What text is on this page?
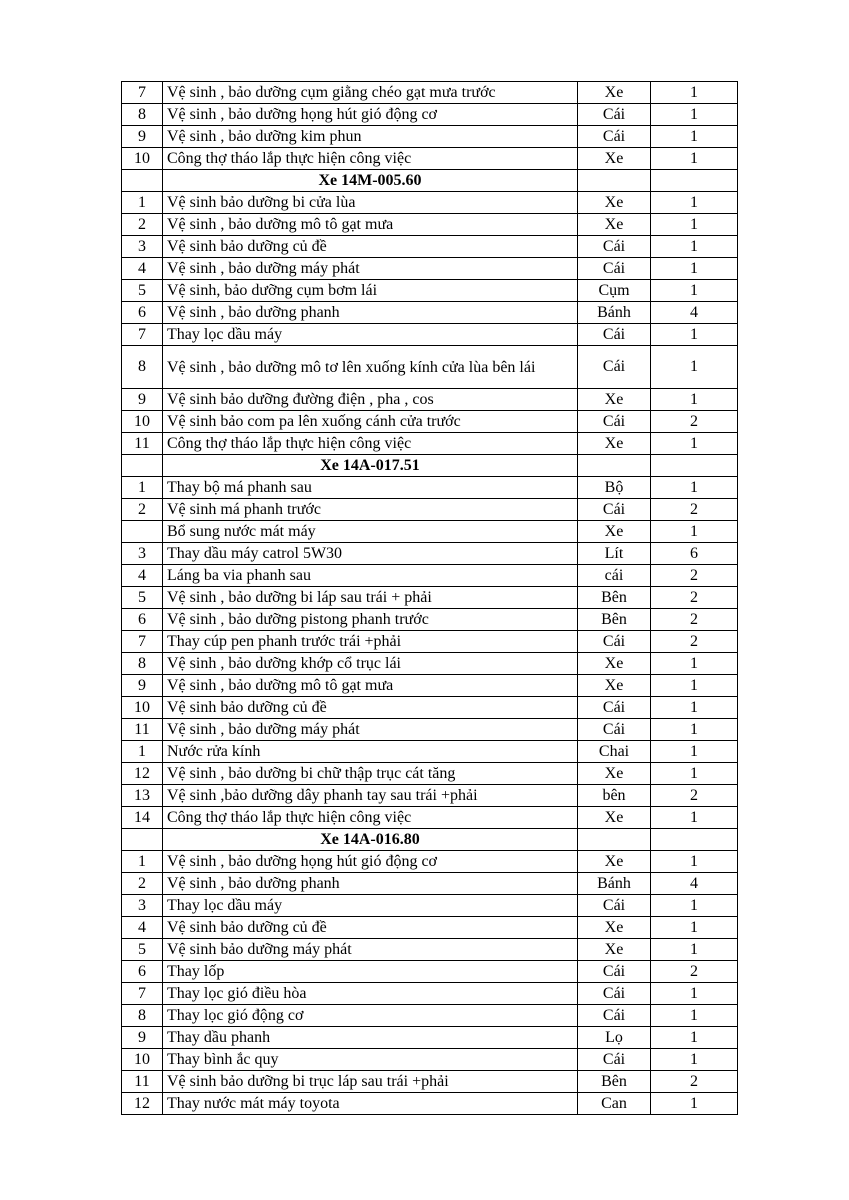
7	Vệ sinh , bảo dưỡng cụm giằng chéo gạt mưa trước	Xe	1
8	Vệ sinh , bảo dưỡng họng hút gió động cơ	Cái	1
9	Vệ sinh , bảo dưỡng kim phun	Cái	1
10	Công thợ tháo lắp thực hiện công việc	Xe	1
	Xe 14M-005.60		
1	Vệ sinh bảo dưỡng bi cửa lùa	Xe	1
2	Vệ sinh , bảo dưỡng mô tô gạt mưa	Xe	1
3	Vệ sinh bảo dưỡng củ đề	Cái	1
4	Vệ sinh , bảo dưỡng máy phát	Cái	1
5	Vệ sinh, bảo dưỡng cụm bơm lái	Cụm	1
6	Vệ sinh , bảo dưỡng phanh	Bánh	4
7	Thay lọc dầu máy	Cái	1
8	Vệ sinh , bảo dưỡng mô tơ lên xuống kính cửa lùa bên lái	Cái	1
9	Vệ sinh bảo dưỡng đường điện , pha , cos	Xe	1
10	Vệ sinh bảo com pa lên xuống cánh cửa trước	Cái	2
11	Công thợ tháo lắp thực hiện công việc	Xe	1
	Xe 14A-017.51		
1	Thay bộ má phanh sau	Bộ	1
2	Vệ sinh má phanh trước	Cái	2
	Bổ sung nước mát máy	Xe	1
3	Thay dầu máy catrol 5W30	Lít	6
4	Láng ba via phanh sau	cái	2
5	Vệ sinh , bảo dưỡng bi láp sau trái + phải	Bên	2
6	Vệ sinh , bảo dưỡng pistong phanh trước	Bên	2
7	Thay cúp pen phanh trước trái +phải	Cái	2
8	Vệ sinh , bảo dưỡng khớp cổ trục lái	Xe	1
9	Vệ sinh , bảo dưỡng mô tô gạt mưa	Xe	1
10	Vệ sinh bảo dưỡng củ đề	Cái	1
11	Vệ sinh , bảo dưỡng máy phát	Cái	1
1	Nước rửa kính	Chai	1
12	Vệ sinh , bảo dưỡng bi chữ thập trục cát tăng	Xe	1
13	Vệ sinh ,bảo dưỡng dây phanh tay sau trái +phải	bên	2
14	Công thợ tháo lắp thực hiện công việc	Xe	1
	Xe 14A-016.80		
1	Vệ sinh , bảo dưỡng họng hút gió động cơ	Xe	1
2	Vệ sinh , bảo dưỡng phanh	Bánh	4
3	Thay lọc dầu máy	Cái	1
4	Vệ sinh bảo dưỡng củ đề	Xe	1
5	Vệ sinh bảo dưỡng máy phát	Xe	1
6	Thay lốp	Cái	2
7	Thay lọc gió điều hòa	Cái	1
8	Thay lọc gió động cơ	Cái	1
9	Thay dầu phanh	Lọ	1
10	Thay bình ắc quy	Cái	1
11	Vệ sinh bảo dưỡng bi trục láp sau trái +phải	Bên	2
12	Thay nước mát máy toyota	Can	1
